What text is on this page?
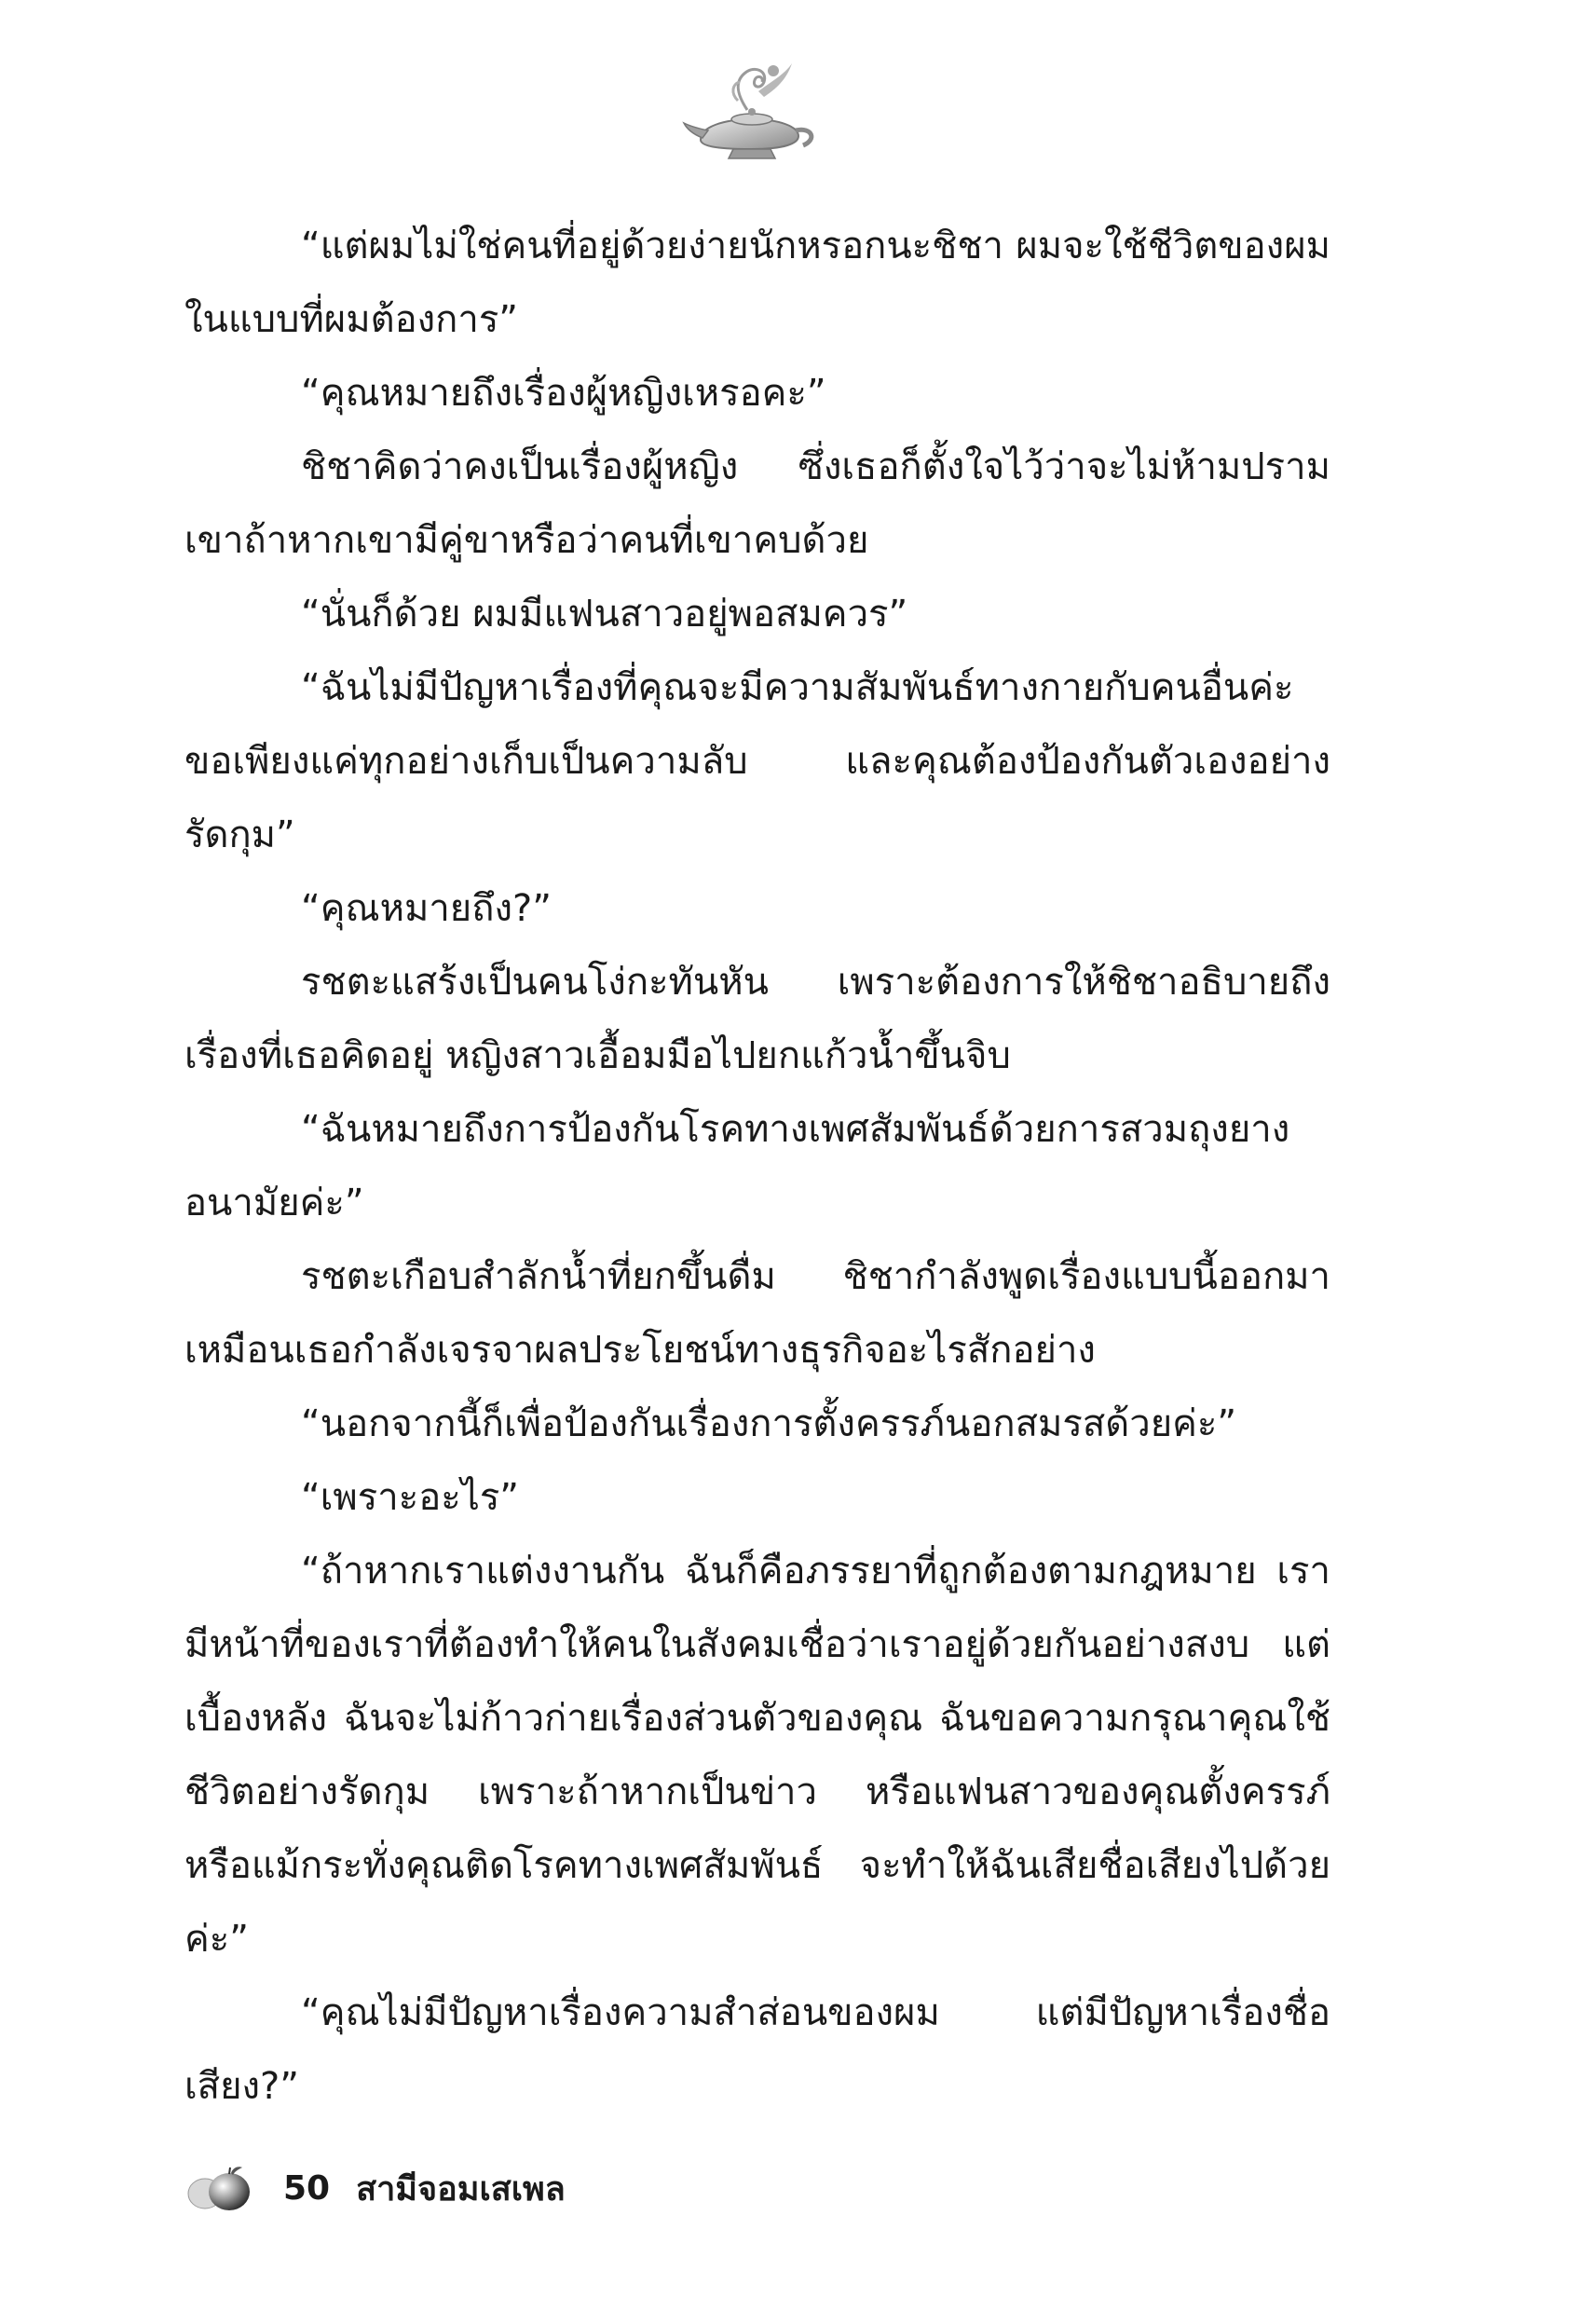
“แต่ผมไม่ใช่คนที่อยู่ด้วยง่ายนักหรอกนะชิชา ผมจะใช้ชีวิตของผม ในแบบที่ผมต้องการ”

“คุณหมายถึงเรื่องผู้หญิงเหรอคะ”

ชิชาคิดว่าคงเป็นเรื่องผู้หญิง ซึ่งเธอก็ตั้งใจไว้ว่าจะไม่ห้ามปรามเขาถ้าหากเขามีคู่ขาหรือว่าคนที่เขาคบด้วย

“นั่นก็ด้วย ผมมีแฟนสาวอยู่พอสมควร”

“ฉันไม่มีปัญหาเรื่องที่คุณจะมีความสัมพันธ์ทางกายกับคนอื่นค่ะ ขอเพียงแค่ทุกอย่างเก็บเป็นความลับ และคุณต้องป้องกันตัวเองอย่างรัดกุม”

“คุณหมายถึง?”

รชตะแสร้งเป็นคนโง่กะทันหัน เพราะต้องการให้ชิชาอธิบายถึงเรื่องที่เธอคิดอยู่ หญิงสาวเอื้อมมือไปยกแก้วน้ำขึ้นจิบ

“ฉันหมายถึงการป้องกันโรคทางเพศสัมพันธ์ด้วยการสวมถุงยางอนามัยค่ะ”

รชตะเกือบสำลักน้ำที่ยกขึ้นดื่ม ชิชากำลังพูดเรื่องแบบนี้ออกมาเหมือนเธอกำลังเจรจาผลประโยชน์ทางธุรกิจอะไรสักอย่าง

“นอกจากนี้ก็เพื่อป้องกันเรื่องการตั้งครรภ์นอกสมรสด้วยค่ะ”

“เพราะอะไร”

“ถ้าหากเราแต่งงานกัน ฉันก็คือภรรยาที่ถูกต้องตามกฎหมาย เรามีหน้าที่ของเราที่ต้องทำให้คนในสังคมเชื่อว่าเราอยู่ด้วยกันอย่างสงบ แต่เบื้องหลัง ฉันจะไม่ก้าวก่ายเรื่องส่วนตัวของคุณ ฉันขอความกรุณาคุณใช้ชีวิตอย่างรัดกุม เพราะถ้าหากเป็นข่าว หรือแฟนสาวของคุณตั้งครรภ์ หรือแม้กระทั่งคุณติดโรคทางเพศสัมพันธ์ จะทำให้ฉันเสียชื่อเสียงไปด้วยค่ะ”

“คุณไม่มีปัญหาเรื่องความสำส่อนของผม แต่มีปัญหาเรื่องชื่อเสียง?”

50 สามีจอมเสเพล
